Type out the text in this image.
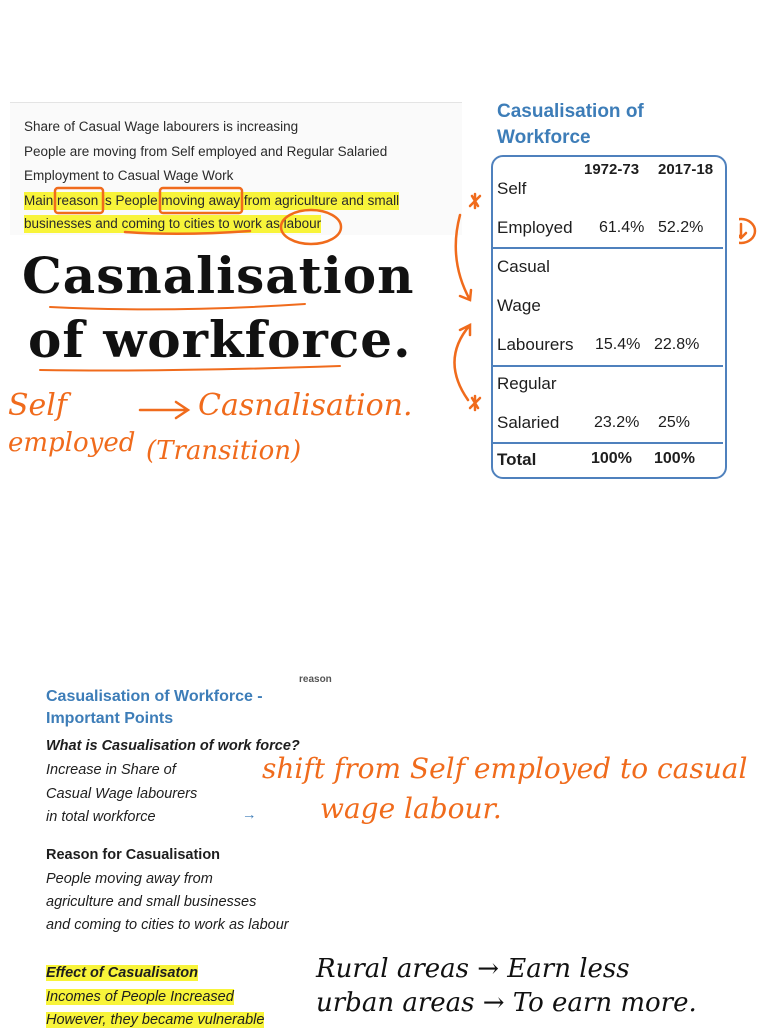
Share of Casual Wage labourers is increasing
People are moving from Self employed and Regular Salaried
Employment to Casual Wage Work
Main reason is People moving away from agriculture and small
businesses and coming to cities to work as labour
Casnalisation
of workforce.
Self
employed
Casnalisation.
(Transition)
Casualisation of
Workforce
1972-73 2017-18
Self
Employed 61.4% 52.2%
Casual
Wage
Labourers 15.4% 22.8%
Regular
Salaried 23.2% 25%
Total	100% 100%
reason
Casualisation of Workforce -
Important Points
What is Casualisation of work force?
Increase in Share of
Casual Wage labourers
in total workforce	→
Reason for Casualisation
People moving away from
agriculture and small businesses
and coming to cities to work as labour
Effect of Casualisaton
Incomes of People Increased
However, they became vulnerable
shift from Self employed to casual
wage labour.
Rural areas → Earn less
urban areas → To earn more.
